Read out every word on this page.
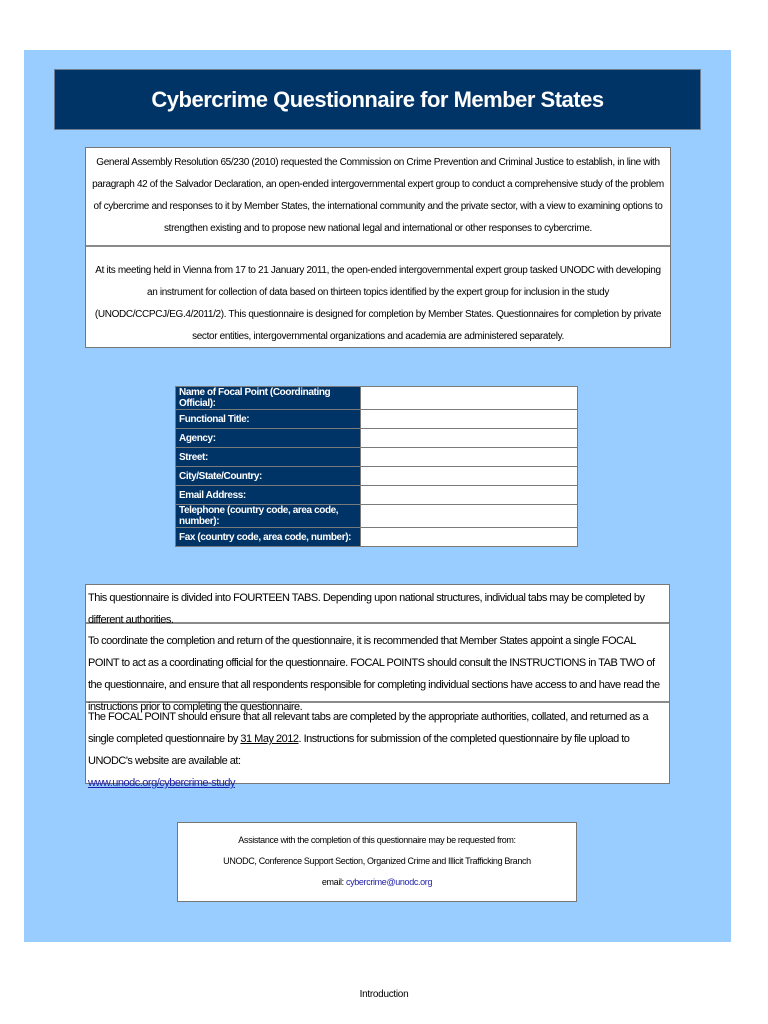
Cybercrime Questionnaire for Member States
General Assembly Resolution 65/230 (2010) requested the Commission on Crime Prevention and Criminal Justice to establish, in line with paragraph 42 of the Salvador Declaration, an open-ended intergovernmental expert group to conduct a comprehensive study of the problem of cybercrime and responses to it by Member States, the international community and the private sector, with a view to examining options to strengthen existing and to propose new national legal and international or other responses to cybercrime.
At its meeting held in Vienna from 17 to 21 January 2011, the open-ended intergovernmental expert group tasked UNODC with developing an instrument for collection of data based on thirteen topics identified by the expert group for inclusion in the study (UNODC/CCPCJ/EG.4/2011/2). This questionnaire is designed for completion by Member States. Questionnaires for completion by private sector entities, intergovernmental organizations and academia are administered separately.
Name of Focal Point (Coordinating Official):	
Functional Title:	
Agency:	
Street:	
City/State/Country:	
Email Address:	
Telephone (country code, area code, number):	
Fax (country code, area code, number):	
This questionnaire is divided into FOURTEEN TABS. Depending upon national structures, individual tabs may be completed by different authorities.
To coordinate the completion and return of the questionnaire, it is recommended that Member States appoint a single FOCAL POINT to act as a coordinating official for the questionnaire. FOCAL POINTS should consult the INSTRUCTIONS in TAB TWO of the questionnaire, and ensure that all respondents responsible for completing individual sections have access to and have read the instructions prior to completing the questionnaire.
The FOCAL POINT should ensure that all relevant tabs are completed by the appropriate authorities, collated, and returned as a single completed questionnaire by 31 May 2012. Instructions for submission of the completed questionnaire by file upload to UNODC's website are available at:
www.unodc.org/cybercrime-study
Assistance with the completion of this questionnaire may be requested from:
UNODC, Conference Support Section, Organized Crime and Illicit Trafficking Branch
email: cybercrime@unodc.org
Introduction
